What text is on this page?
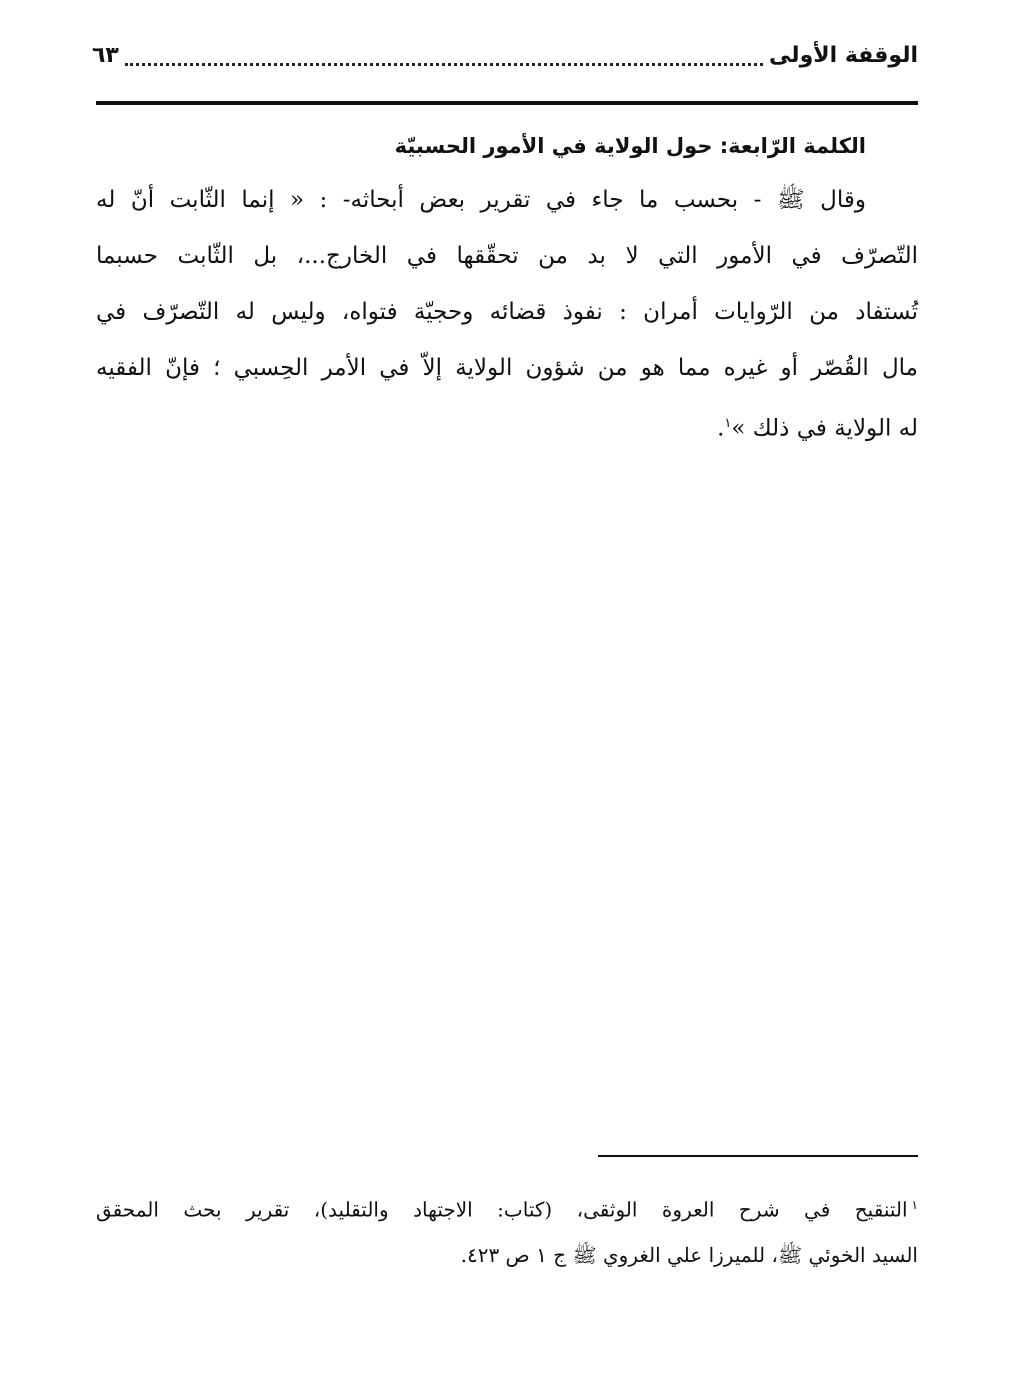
الوقفة الأولى
٦٣
الكلمة الرّابعة: حول الولاية في الأمور الحسبيّة
وقال ﷺ - بحسب ما جاء في تقرير بعض أبحاثه- : « إنما الثّابت أنّ له
التّصرّف في الأمور التي لا بد من تحقّقها في الخارج...، بل الثّابت حسبما
تُستفاد من الرّوايات أمران : نفوذ قضائه وحجيّة فتواه، وليس له التّصرّف في
مال القُصّر أو غيره مما هو من شؤون الولاية إلاّ في الأمر الحِسبي ؛ فإنّ الفقيه
له الولاية في ذلك »$^١$.
$^١$التنقيح في شرح العروة الوثقى، (كتاب: الاجتهاد والتقليد)، تقرير بحث المحقق
السيد الخوئي ﷺ، للميرزا علي الغروي ﷺ ج ١ ص ٤٢٣.
